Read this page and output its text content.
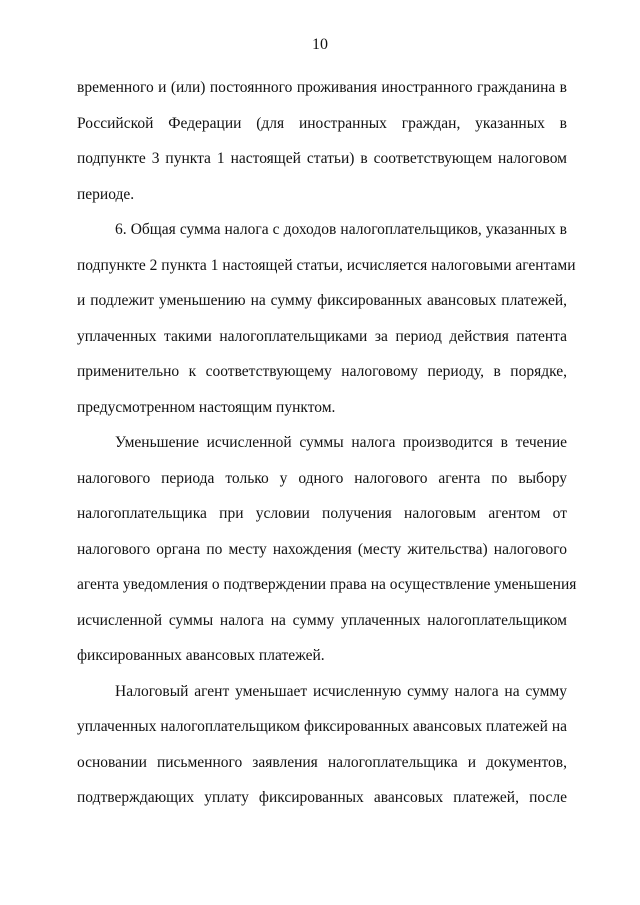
10
временного и (или) постоянного проживания иностранного гражданина в
Российской Федерации (для иностранных граждан, указанных в
подпункте 3 пункта 1 настоящей статьи) в соответствующем налоговом
периоде.
6. Общая сумма налога с доходов налогоплательщиков, указанных в
подпункте 2 пункта 1 настоящей статьи, исчисляется налоговыми агентами
и подлежит уменьшению на сумму фиксированных авансовых платежей,
уплаченных такими налогоплательщиками за период действия патента
применительно к соответствующему налоговому периоду, в порядке,
предусмотренном настоящим пунктом.
Уменьшение исчисленной суммы налога производится в течение
налогового периода только у одного налогового агента по выбору
налогоплательщика при условии получения налоговым агентом от
налогового органа по месту нахождения (месту жительства) налогового
агента уведомления о подтверждении права на осуществление уменьшения
исчисленной суммы налога на сумму уплаченных налогоплательщиком
фиксированных авансовых платежей.
Налоговый агент уменьшает исчисленную сумму налога на сумму
уплаченных налогоплательщиком фиксированных авансовых платежей на
основании письменного заявления налогоплательщика и документов,
подтверждающих уплату фиксированных авансовых платежей, после
